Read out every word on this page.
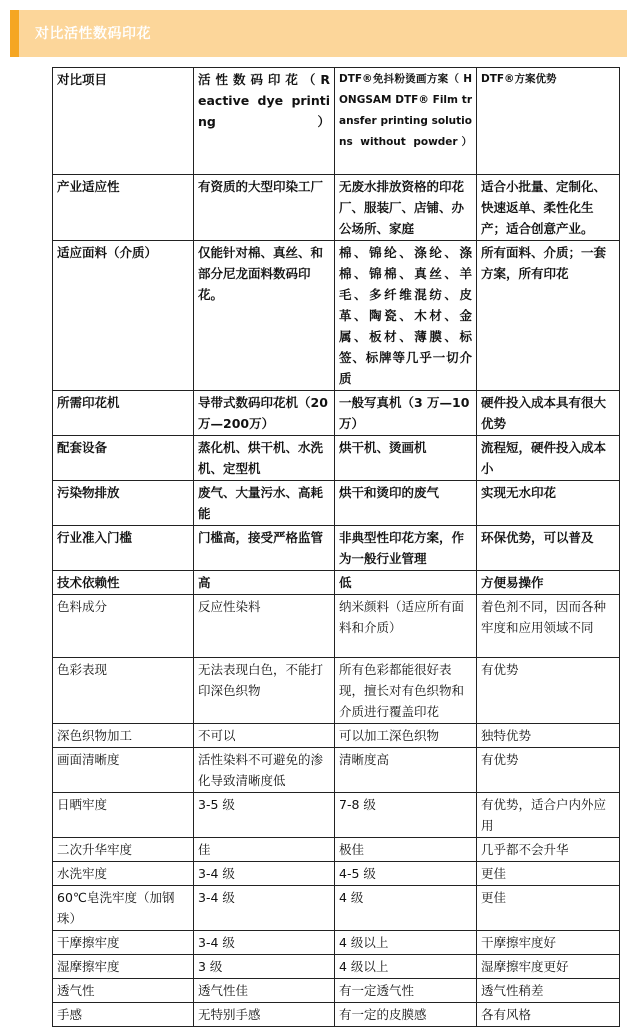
对比活性数码印花
对比项目	活 性 数 码 印 花 （ Reactive dye printing）	DTF®免抖粉烫画方案（ HONGSAM DTF® Film transfer printing solutions without powder）	DTF®方案优势
产业适应性	有资质的大型印染工厂	无废水排放资格的印花厂、服装厂、店铺、办公场所、家庭	适合小批量、定制化、快速返单、柔性化生产；适合创意产业。
适应面料（介质）	仅能针对棉、真丝、和部分尼龙面料数码印花。	棉、锦纶、涤纶、涤棉、锦棉、真丝、羊毛、多纤维混纺、皮革、陶瓷、木材、金属、板材、薄膜、标签、标牌等几乎一切介质	所有面料、介质；一套方案，所有印花
所需印花机	导带式数码印花机（20万—200万）	一般写真机（3 万—10 万）	硬件投入成本具有很大优势
配套设备	蒸化机、烘干机、水洗机、定型机	烘干机、烫画机	流程短，硬件投入成本小
污染物排放	废气、大量污水、高耗能	烘干和烫印的废气	实现无水印花
行业准入门槛	门槛高，接受严格监管	非典型性印花方案，作为一般行业管理	环保优势，可以普及
技术依赖性	高	低	方便易操作
色料成分	反应性染料	纳米颜料（适应所有面料和介质）	着色剂不同，因而各种牢度和应用领域不同
色彩表现	无法表现白色，不能打印深色织物	所有色彩都能很好表现，擅长对有色织物和介质进行覆盖印花	有优势
深色织物加工	不可以	可以加工深色织物	独特优势
画面清晰度	活性染料不可避免的渗化导致清晰度低	清晰度高	有优势
日晒牢度	3-5 级	7-8 级	有优势，适合户内外应用
二次升华牢度	佳	极佳	几乎都不会升华
水洗牢度	3-4 级	4-5 级	更佳
60℃皂洗牢度（加钢珠）	3-4 级	4 级	更佳
干摩擦牢度	3-4 级	4 级以上	干摩擦牢度好
湿摩擦牢度	3 级	4 级以上	湿摩擦牢度更好
透气性	透气性佳	有一定透气性	透气性稍差
手感	无特别手感	有一定的皮膜感	各有风格
